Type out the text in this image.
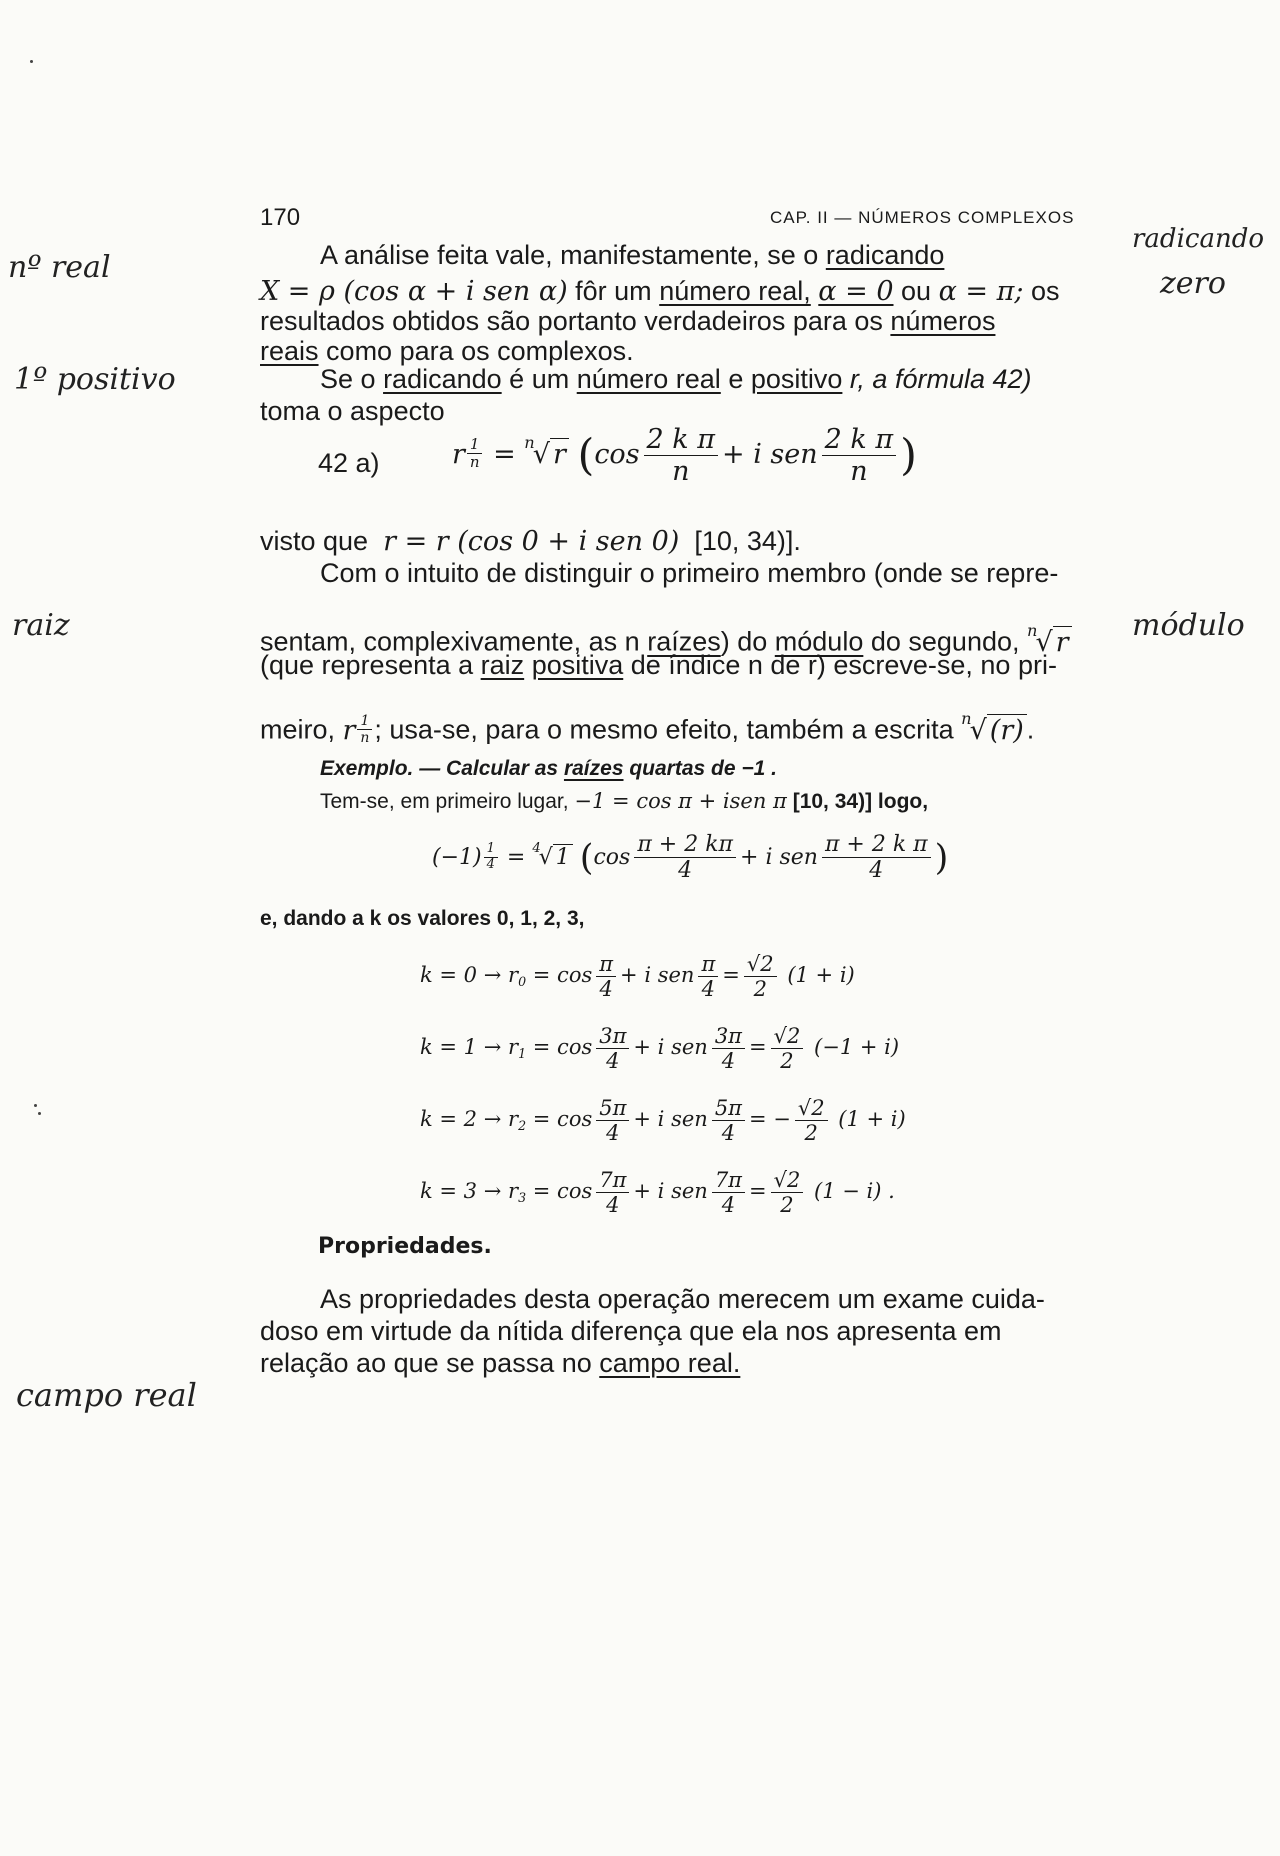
170	CAP. II — NÚMEROS COMPLEXOS
nº real
radicando
zero
1º positivo
raiz	módulo
campo real
A análise feita vale, manifestamente, se o radicando
X = ρ (cos α + i sen α) fôr um número real, α = 0 ou α = π; os
resultados obtidos são portanto verdadeiros para os números
reais como para os complexos.
Se o radicando é um número real e positivo r, a fórmula 42)
toma o aspecto
42 a)	r $\frac{1}{n} = ^n√$ r ($\cos \frac{\text{2 k π}}{n} + i$ sen $\frac{\text{2 k π}}{n}$ )
visto que r = r (cos 0 + i sen 0) [10, 34)].
Com o intuito de distinguir o primeiro membro (onde se repre-
sentam, complexivamente, as n raízes) do módulo do segundo, $^n$√ r
(que representa a raiz positiva de índice n de r) escreve-se, no pri-
meiro, r $\frac{1}{n}$ ; usa-se, para o mesmo efeito, também a escrita $^n$√ (r) .
Exemplo. — Calcular as raízes quartas de −1 .
Tem-se, em primeiro lugar, −1 = cos π + isen π [10, 34)] logo,
$(-1) \frac{1}{4} = ^4√$ 1 ($\cos \frac{\pi + 2 k\pi}{4} + i$ sen $\frac{\text{π + 2 k π}}{4}$ )
e, dando a k os valores 0, 1, 2, 3,
$k = 0 \to r_0 = \cos \frac{\pi}{4} + i$ sen $\frac{\pi}{4} = \frac{√2}{2} (1 + i)$
$k = 1 \to r_1 = \cos \frac{3\pi}{4} + i$ sen $\frac{3\pi}{4} = \frac{√2}{2} (-1 + i)$
$k = 2 \to r_2 = \cos \frac{5\pi}{4} + i$ sen $\frac{5\pi}{4}$ = − $\frac{√2}{2} (1 + i)$
$k = 3 \to r_3 = \cos \frac{7\pi}{4} + i$ sen $\frac{7\pi}{4} = \frac{√2}{2} (1 - i)$ .
Propriedades.
As propriedades desta operação merecem um exame cuida-
doso em virtude da nítida diferença que ela nos apresenta em
relação ao que se passa no campo real.
